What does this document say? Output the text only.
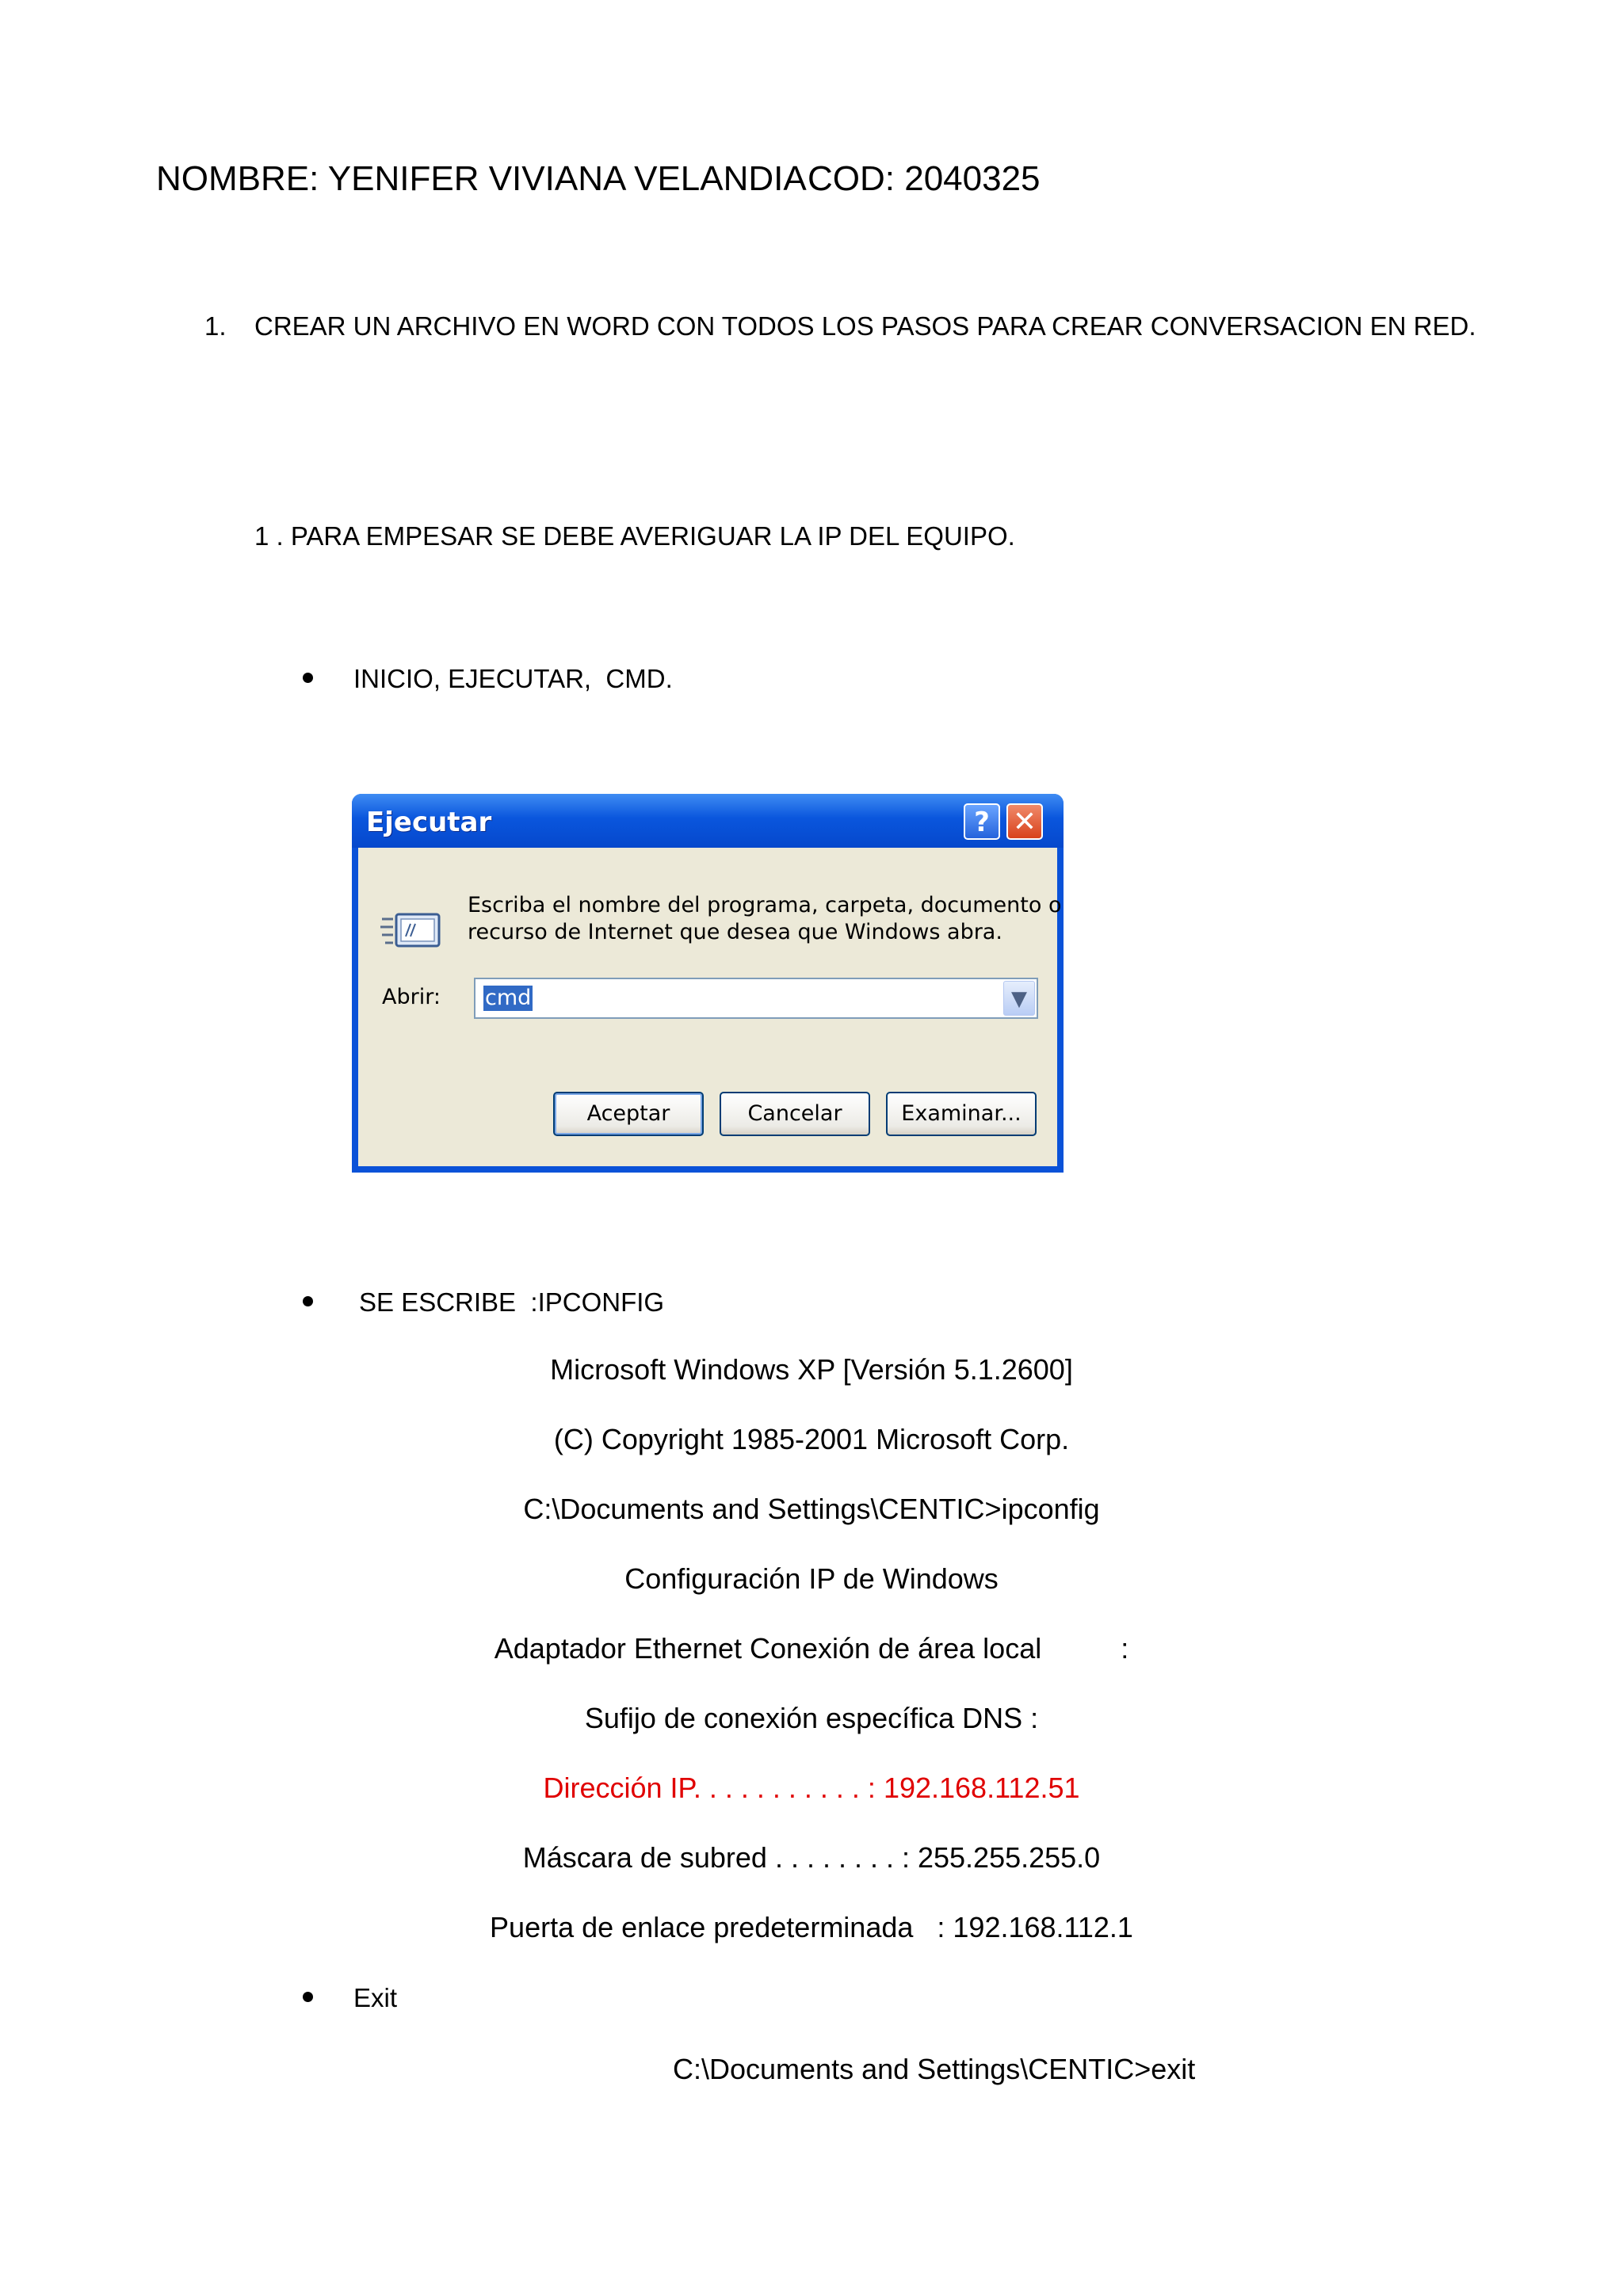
NOMBRE: YENIFER VIVIANA VELANDIA COD: 2040325
1. CREAR UN ARCHIVO EN WORD CON TODOS LOS PASOS PARA CREAR CONVERSACION EN RED.
1 . PARA EMPESAR SE DEBE AVERIGUAR LA IP DEL EQUIPO.
INICIO, EJECUTAR,  CMD.
Ejecutar	? ✕
Escriba el nombre del programa, carpeta, documento o
recurso de Internet que desea que Windows abra.
Abrir: cmd	▼
Aceptar	Cancelar	Examinar...
SE ESCRIBE  :IPCONFIG
Microsoft Windows XP [Versión 5.1.2600]
(C) Copyright 1985-2001 Microsoft Corp.
C:\Documents and Settings\CENTIC>ipconfig
Configuración IP de Windows
Adaptador Ethernet Conexión de área local          :
Sufijo de conexión específica DNS :
Dirección IP. . . . . . . . . . . : 192.168.112.51
Máscara de subred . . . . . . . . : 255.255.255.0
Puerta de enlace predeterminada   : 192.168.112.1
Exit
C:\Documents and Settings\CENTIC>exit
